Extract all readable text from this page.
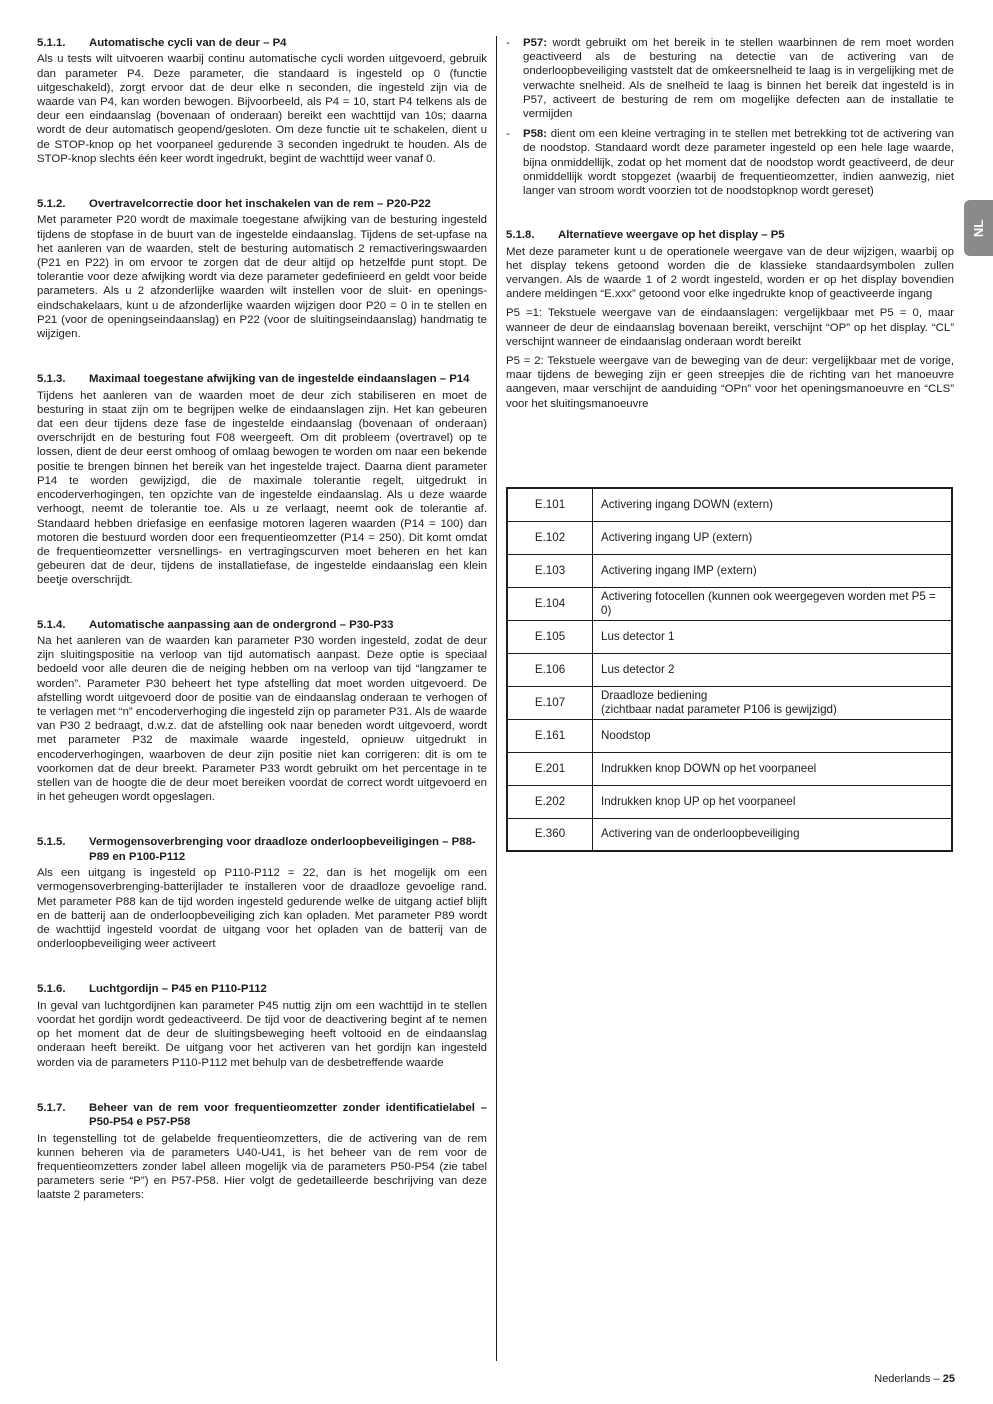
5.1.1.	Automatische cycli van de deur – P4

Als u tests wilt uitvoeren waarbij continu automatische cycli worden uitgevoerd, gebruik dan parameter P4. Deze parameter, die standaard is ingesteld op 0 (functie uitgeschakeld), zorgt ervoor dat de deur elke n seconden, die ingesteld zijn via de waarde van P4, kan worden bewogen. Bijvoorbeeld, als P4 = 10, start P4 telkens als de deur een eindaanslag (bovenaan of onderaan) bereikt een wachttijd van 10s; daarna wordt de deur automatisch geopend/gesloten. Om deze functie uit te schakelen, dient u de STOP-knop op het voorpaneel gedurende 3 seconden ingedrukt te houden. Als de STOP-knop slechts één keer wordt ingedrukt, begint de wachttijd weer vanaf 0.

5.1.2.	Overtravelcorrectie door het inschakelen van de rem – P20-P22

Met parameter P20 wordt de maximale toegestane afwijking van de besturing ingesteld tijdens de stopfase in de buurt van de ingestelde eindaanslag. Tijdens de set-upfase na het aanleren van de waarden, stelt de besturing automatisch 2 remactiveringswaarden (P21 en P22) in om ervoor te zorgen dat de deur altijd op hetzelfde punt stopt. De tolerantie voor deze afwijking wordt via deze parameter gedefinieerd en geldt voor beide parameters. Als u 2 afzonderlijke waarden wilt instellen voor de sluit- en openings-eindschakelaars, kunt u de afzonderlijke waarden wijzigen door P20 = 0 in te stellen en P21 (voor de openingseindaanslag) en P22 (voor de sluitingseindaanslag) handmatig te wijzigen.

5.1.3.	Maximaal toegestane afwijking van de ingestelde eindaanslagen – P14

Tijdens het aanleren van de waarden moet de deur zich stabiliseren en moet de besturing in staat zijn om te begrijpen welke de eindaanslagen zijn. Het kan gebeuren dat een deur tijdens deze fase de ingestelde eindaanslag (bovenaan of onderaan) overschrijdt en de besturing fout F08 weergeeft. Om dit probleem (overtravel) op te lossen, dient de deur eerst omhoog of omlaag bewogen te worden om naar een bekende positie te brengen binnen het bereik van het ingestelde traject. Daarna dient parameter P14 te worden gewijzigd, die de maximale tolerantie regelt, uitgedrukt in encoderverhogingen, ten opzichte van de ingestelde eindaanslag. Als u deze waarde verhoogt, neemt de tolerantie toe. Als u ze verlaagt, neemt ook de tolerantie af. Standaard hebben driefasige en eenfasige motoren lageren waarden (P14 = 100) dan motoren die bestuurd worden door een frequentieomzetter (P14 = 250). Dit komt omdat de frequentieomzetter versnellings- en vertragingscurven moet beheren en het kan gebeuren dat de deur, tijdens de installatiefase, de ingestelde eindaanslag een klein beetje overschrijdt.

5.1.4.	Automatische aanpassing aan de ondergrond – P30-P33

Na het aanleren van de waarden kan parameter P30 worden ingesteld, zodat de deur zijn sluitingspositie na verloop van tijd automatisch aanpast. Deze optie is speciaal bedoeld voor alle deuren die de neiging hebben om na verloop van tijd “langzamer te worden”. Parameter P30 beheert het type afstelling dat moet worden uitgevoerd. De afstelling wordt uitgevoerd door de positie van de eindaanslag onderaan te verhogen of te verlagen met “n” encoderverhoging die ingesteld zijn op parameter P31. Als de waarde van P30 2 bedraagt, d.w.z. dat de afstelling ook naar beneden wordt uitgevoerd, wordt met parameter P32 de maximale waarde ingesteld, opnieuw uitgedrukt in encoderverhogingen, waarboven de deur zijn positie niet kan corrigeren: dit is om te voorkomen dat de deur breekt. Parameter P33 wordt gebruikt om het percentage in te stellen van de hoogte die de deur moet bereiken voordat de correct wordt uitgevoerd en in het geheugen wordt opgeslagen.

5.1.5.	Vermogensoverbrenging voor draadloze onderloopbeveiligingen – P88-P89 en P100-P112

Als een uitgang is ingesteld op P110-P112 = 22, dan is het mogelijk om een vermogensoverbrenging-batterijlader te installeren voor de draadloze gevoelige rand. Met parameter P88 kan de tijd worden ingesteld gedurende welke de uitgang actief blijft en de batterij aan de onderloopbeveiliging zich kan opladen. Met parameter P89 wordt de wachttijd ingesteld voordat de uitgang voor het opladen van de batterij van de onderloopbeveiliging weer activeert

5.1.6.	Luchtgordijn – P45 en P110-P112

In geval van luchtgordijnen kan parameter P45 nuttig zijn om een wachttijd in te stellen voordat het gordijn wordt gedeactiveerd. De tijd voor de deactivering begint af te nemen op het moment dat de deur de sluitingsbeweging heeft voltooid en de eindaanslag onderaan heeft bereikt. De uitgang voor het activeren van het gordijn kan ingesteld worden via de parameters P110-P112 met behulp van de desbetreffende waarde

5.1.7.	Beheer van de rem voor frequentieomzetter zonder identificatielabel – P50-P54 e P57-P58

In tegenstelling tot de gelabelde frequentieomzetters, die de activering van de rem kunnen beheren via de parameters U40-U41, is het beheer van de rem voor de frequentieomzetters zonder label alleen mogelijk via de parameters P50-P54 (zie tabel parameters serie “P”) en P57-P58. Hier volgt de gedetailleerde beschrijving van deze laatste 2 parameters:

-	P57: wordt gebruikt om het bereik in te stellen waarbinnen de rem moet worden geactiveerd als de besturing na detectie van de activering van de onderloopbeveiliging vaststelt dat de omkeersnelheid te laag is in vergelijking met de verwachte snelheid. Als de snelheid te laag is binnen het bereik dat ingesteld is in P57, activeert de besturing de rem om mogelijke defecten aan de installatie te vermijden
-	P58: dient om een kleine vertraging in te stellen met betrekking tot de activering van de noodstop. Standaard wordt deze parameter ingesteld op een hele lage waarde, bijna onmiddellijk, zodat op het moment dat de noodstop wordt geactiveerd, de deur onmiddellijk wordt stopgezet (waarbij de frequentieomzetter, indien aanwezig, niet langer van stroom wordt voorzien tot de noodstopknop wordt gereset)
5.1.8.	Alternatieve weergave op het display – P5

Met deze parameter kunt u de operationele weergave van de deur wijzigen, waarbij op het display tekens getoond worden die de klassieke standaardsymbolen zullen vervangen. Als de waarde 1 of 2 wordt ingesteld, worden er op het display bovendien andere meldingen “E.xxx” getoond voor elke ingedrukte knop of geactiveerde ingang

P5 =1: Tekstuele weergave van de eindaanslagen: vergelijkbaar met P5 = 0, maar wanneer de deur de eindaanslag bovenaan bereikt, verschijnt “OP” op het display. “CL” verschijnt wanneer de eindaanslag onderaan wordt bereikt

P5 = 2: Tekstuele weergave van de beweging van de deur: vergelijkbaar met de vorige, maar tijdens de beweging zijn er geen streepjes die de richting van het manoeuvre aangeven, maar verschijnt de aanduiding “OPn” voor het openingsmanoeuvre en “CLS” voor het sluitingsmanoeuvre

E.101	Activering ingang DOWN (extern)
E.102	Activering ingang UP (extern)
E.103	Activering ingang IMP (extern)
E.104	Activering fotocellen (kunnen ook weergegeven worden met P5 = 0)
E.105	Lus detector 1
E.106	Lus detector 2
E.107	Draadloze bediening
(zichtbaar nadat parameter P106 is gewijzigd)
E.161	Noodstop
E.201	Indrukken knop DOWN op het voorpaneel
E.202	Indrukken knop UP op het voorpaneel
E.360	Activering van de onderloopbeveiliging
NL
Nederlands – 25
